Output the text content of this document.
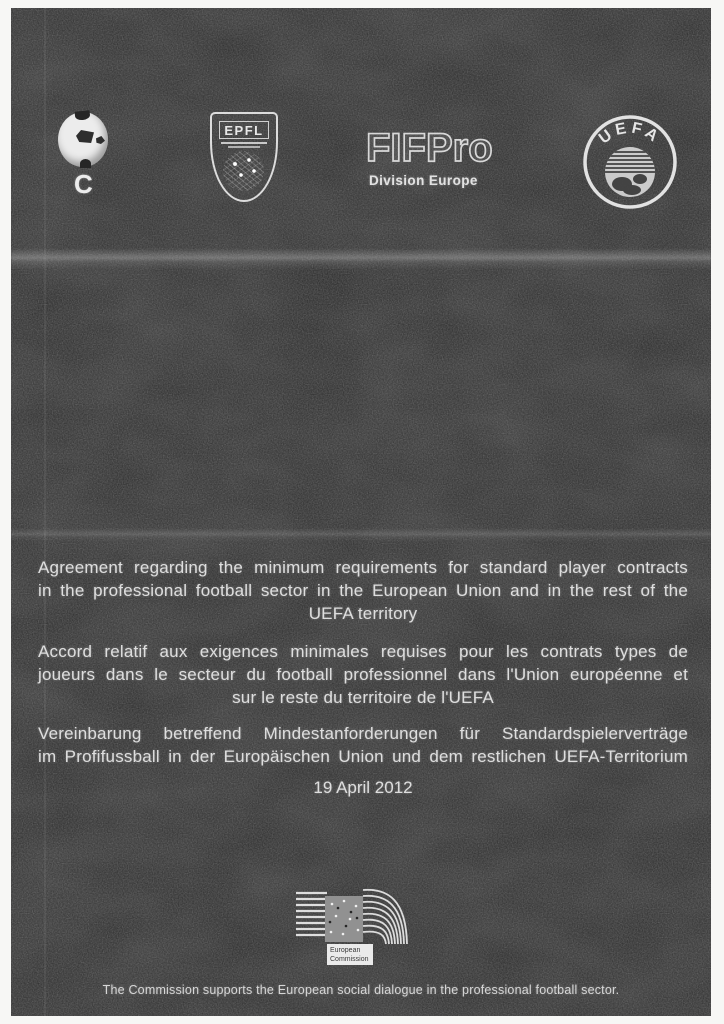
C
EPFL	FIFPro
Division Europe
UEFA
Agreement regarding the minimum requirements for standard player contracts
in the professional football sector in the European Union and in the rest of the
UEFA territory
Accord relatif aux exigences minimales requises pour les contrats types de
joueurs dans le secteur du football professionnel dans l'Union européenne et
sur le reste du territoire de l'UEFA
Vereinbarung betreffend Mindestanforderungen für Standardspielerverträge
im Profifussball in der Europäischen Union und dem restlichen UEFA-Territorium
19 April 2012
European
Commission
The Commission supports the European social dialogue in the professional football sector.
